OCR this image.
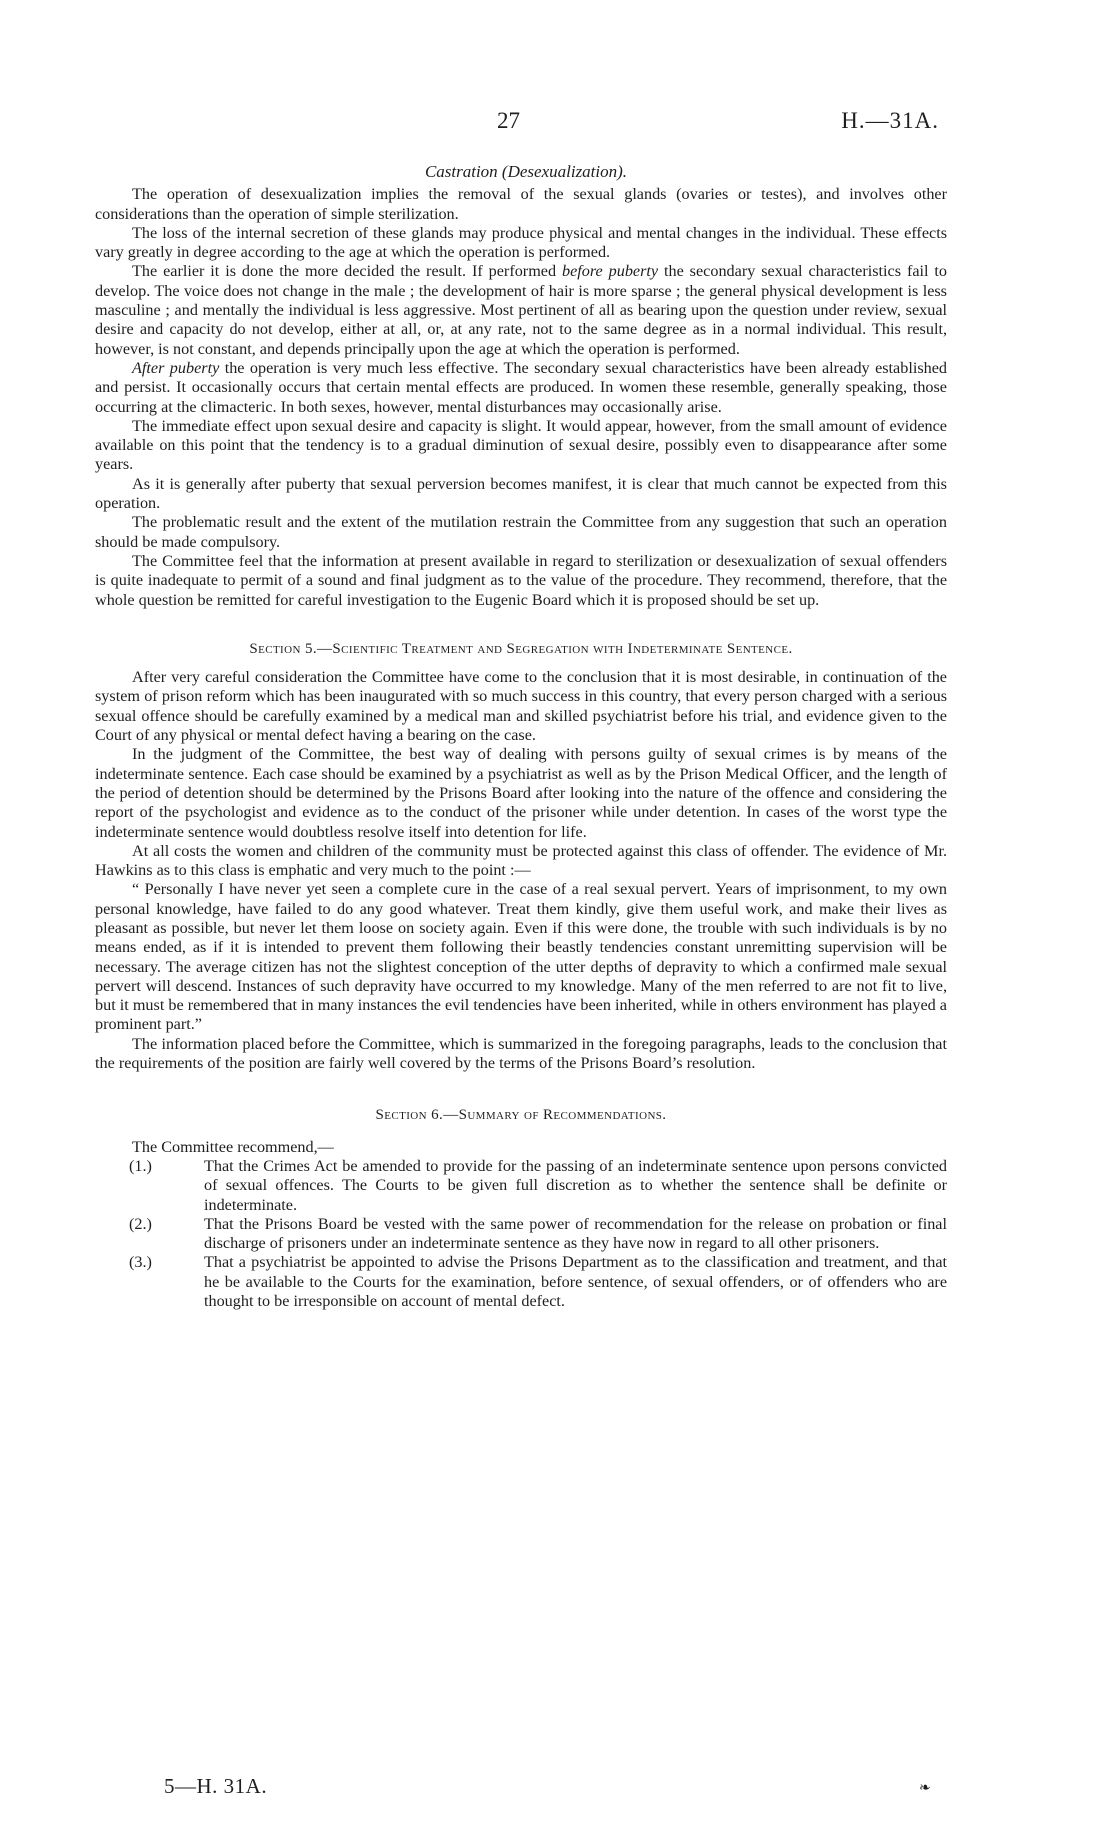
27	H.—31A.
Castration (Desexualization).

The operation of desexualization implies the removal of the sexual glands (ovaries or testes), and involves other considerations than the operation of simple sterilization.

The loss of the internal secretion of these glands may produce physical and mental changes in the individual. These effects vary greatly in degree according to the age at which the operation is performed.

The earlier it is done the more decided the result. If performed before puberty the secondary sexual characteristics fail to develop. The voice does not change in the male ; the development of hair is more sparse ; the general physical development is less masculine ; and mentally the individual is less aggressive. Most pertinent of all as bearing upon the question under review, sexual desire and capacity do not develop, either at all, or, at any rate, not to the same degree as in a normal individual. This result, however, is not constant, and depends principally upon the age at which the operation is performed.

After puberty the operation is very much less effective. The secondary sexual characteristics have been already established and persist. It occasionally occurs that certain mental effects are produced. In women these resemble, generally speaking, those occurring at the climacteric. In both sexes, however, mental disturbances may occasionally arise.

The immediate effect upon sexual desire and capacity is slight. It would appear, however, from the small amount of evidence available on this point that the tendency is to a gradual diminution of sexual desire, possibly even to disappearance after some years.

As it is generally after puberty that sexual perversion becomes manifest, it is clear that much cannot be expected from this operation.

The problematic result and the extent of the mutilation restrain the Committee from any suggestion that such an operation should be made compulsory.

The Committee feel that the information at present available in regard to sterilization or desexualization of sexual offenders is quite inadequate to permit of a sound and final judgment as to the value of the procedure. They recommend, therefore, that the whole question be remitted for careful investigation to the Eugenic Board which it is proposed should be set up.

Section 5.—Scientific Treatment and Segregation with Indeterminate Sentence.

After very careful consideration the Committee have come to the conclusion that it is most desirable, in continuation of the system of prison reform which has been inaugurated with so much success in this country, that every person charged with a serious sexual offence should be carefully examined by a medical man and skilled psychiatrist before his trial, and evidence given to the Court of any physical or mental defect having a bearing on the case.

In the judgment of the Committee, the best way of dealing with persons guilty of sexual crimes is by means of the indeterminate sentence. Each case should be examined by a psychiatrist as well as by the Prison Medical Officer, and the length of the period of detention should be determined by the Prisons Board after looking into the nature of the offence and considering the report of the psychologist and evidence as to the conduct of the prisoner while under detention. In cases of the worst type the indeterminate sentence would doubtless resolve itself into detention for life.

At all costs the women and children of the community must be protected against this class of offender. The evidence of Mr. Hawkins as to this class is emphatic and very much to the point :—

“ Personally I have never yet seen a complete cure in the case of a real sexual pervert. Years of imprisonment, to my own personal knowledge, have failed to do any good whatever. Treat them kindly, give them useful work, and make their lives as pleasant as possible, but never let them loose on society again. Even if this were done, the trouble with such individuals is by no means ended, as if it is intended to prevent them following their beastly tendencies constant unremitting supervision will be necessary. The average citizen has not the slightest conception of the utter depths of depravity to which a confirmed male sexual pervert will descend. Instances of such depravity have occurred to my knowledge. Many of the men referred to are not fit to live, but it must be remembered that in many instances the evil tendencies have been inherited, while in others environment has played a prominent part.”

The information placed before the Committee, which is summarized in the foregoing paragraphs, leads to the conclusion that the requirements of the position are fairly well covered by the terms of the Prisons Board’s resolution.

Section 6.—Summary of Recommendations.

The Committee recommend,—

(1.)	That the Crimes Act be amended to provide for the passing of an indeterminate sentence upon persons convicted of sexual offences. The Courts to be given full discretion as to whether the sentence shall be definite or indeterminate.
(2.)	That the Prisons Board be vested with the same power of recommendation for the release on probation or final discharge of prisoners under an indeterminate sentence as they have now in regard to all other prisoners.
(3.)	That a psychiatrist be appointed to advise the Prisons Department as to the classification and treatment, and that he be available to the Courts for the examination, before sentence, of sexual offenders, or of offenders who are thought to be irresponsible on account of mental defect.
5—H. 31A.	❧
